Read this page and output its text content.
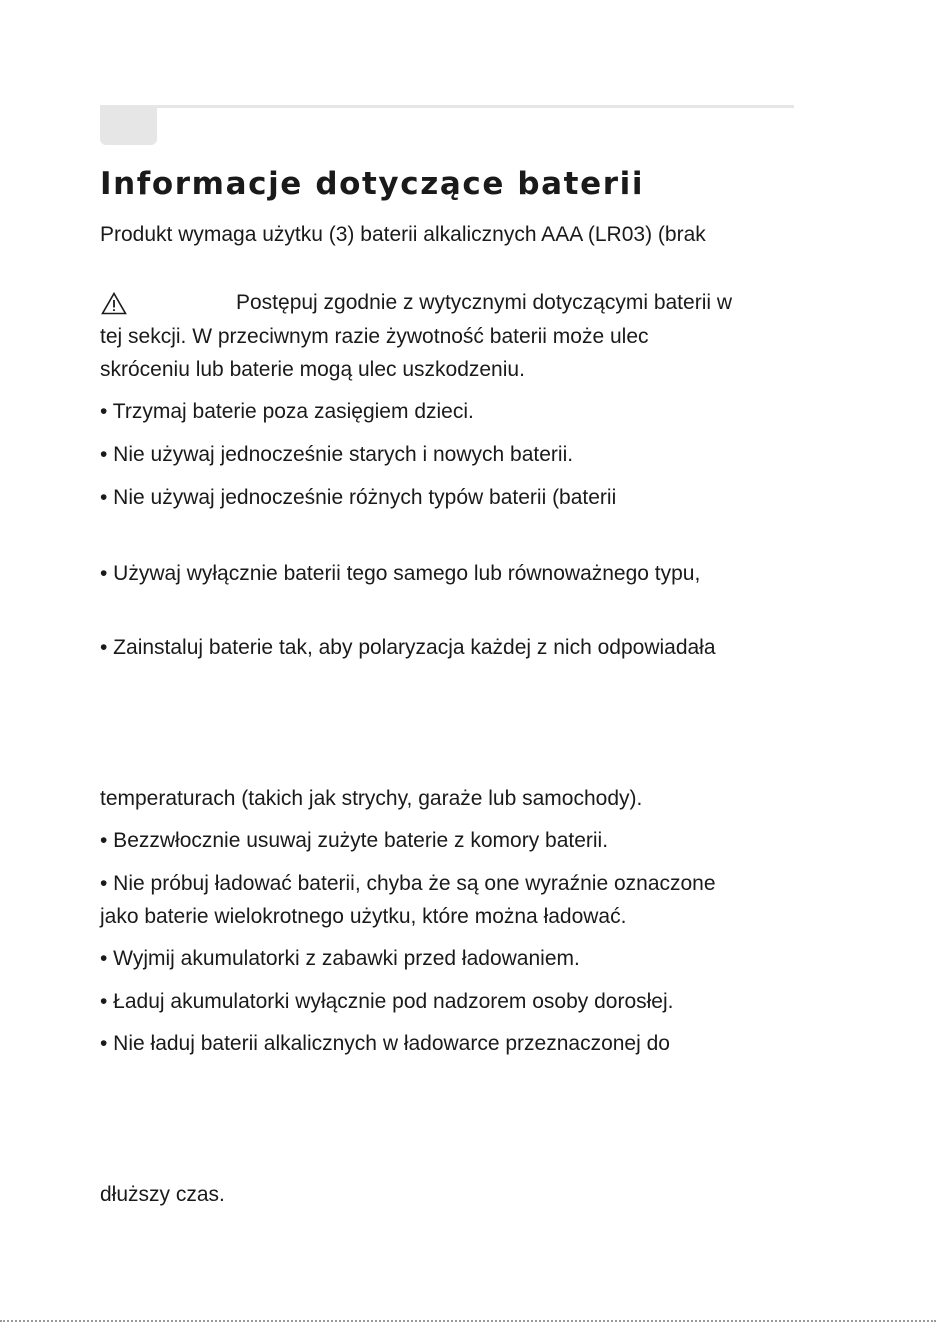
Informacje dotyczące baterii

Produkt wymaga użytku (3) baterii alkalicznych AAA (LR03) (brak

Postępuj zgodnie z wytycznymi dotyczącymi baterii w

tej sekcji. W przeciwnym razie żywotność baterii może ulec

skróceniu lub baterie mogą ulec uszkodzeniu.

• Trzymaj baterie poza zasięgiem dzieci.

• Nie używaj jednocześnie starych i nowych baterii.

• Nie używaj jednocześnie różnych typów baterii (baterii

• Używaj wyłącznie baterii tego samego lub równoważnego typu,

• Zainstaluj baterie tak, aby polaryzacja każdej z nich odpowiadała

temperaturach (takich jak strychy, garaże lub samochody).

• Bezzwłocznie usuwaj zużyte baterie z komory baterii.

• Nie próbuj ładować baterii, chyba że są one wyraźnie oznaczone

jako baterie wielokrotnego użytku, które można ładować.

• Wyjmij akumulatorki z zabawki przed ładowaniem.

• Ładuj akumulatorki wyłącznie pod nadzorem osoby dorosłej.

• Nie ładuj baterii alkalicznych w ładowarce przeznaczonej do

dłuższy czas.
